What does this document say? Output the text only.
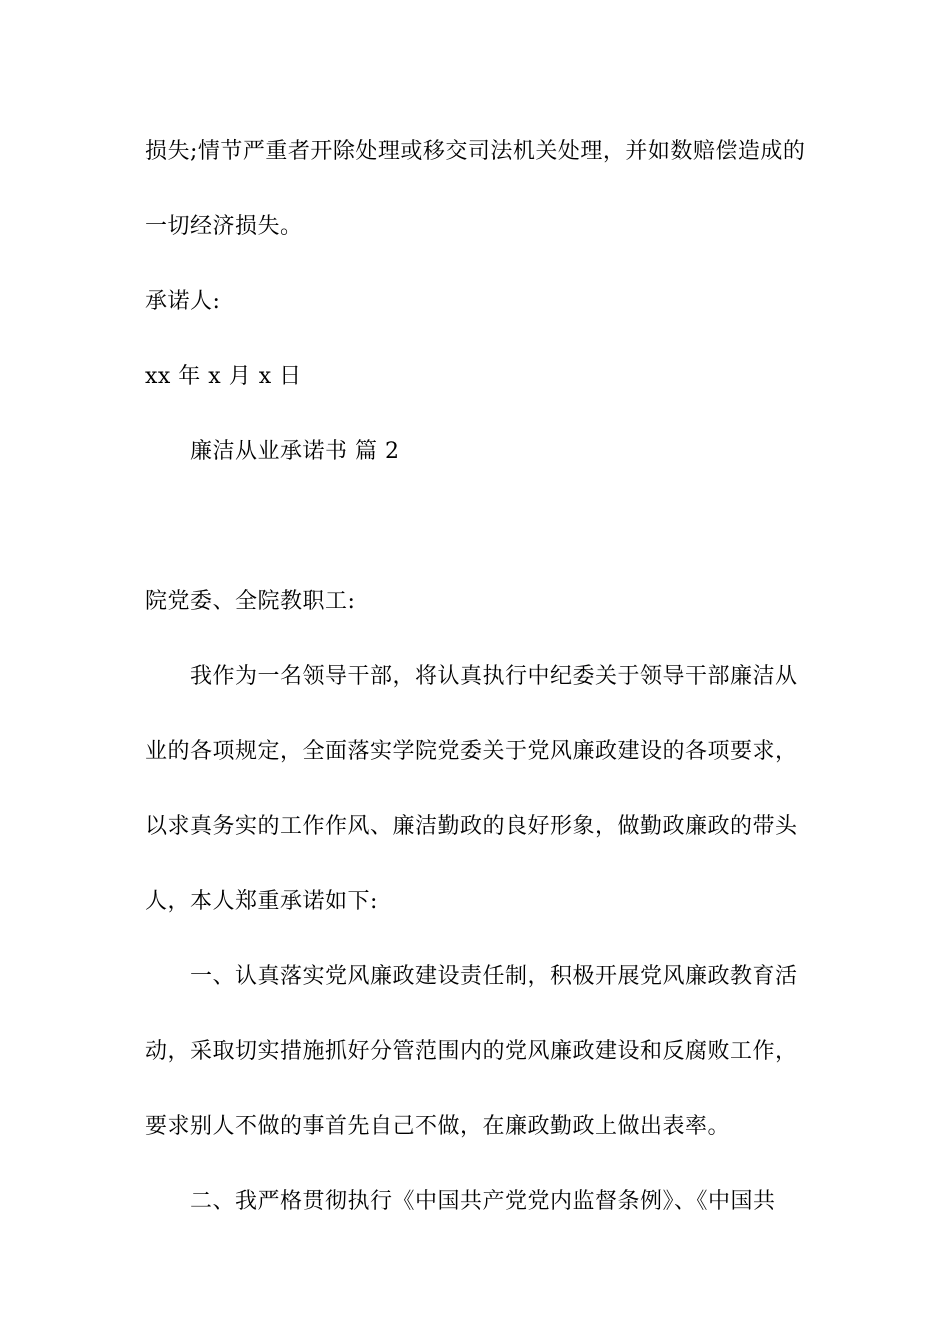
损失;情节严重者开除处理或移交司法机关处理，并如数赔偿造成的
一切经济损失。
承诺人:
xx 年 x 月 x 日
廉洁从业承诺书 篇 2
院党委、全院教职工:
我作为一名领导干部，将认真执行中纪委关于领导干部廉洁从
业的各项规定，全面落实学院党委关于党风廉政建设的各项要求，
以求真务实的工作作风、廉洁勤政的良好形象，做勤政廉政的带头
人，本人郑重承诺如下:
一、认真落实党风廉政建设责任制，积极开展党风廉政教育活
动，采取切实措施抓好分管范围内的党风廉政建设和反腐败工作，
要求别人不做的事首先自己不做，在廉政勤政上做出表率。
二、我严格贯彻执行《中国共产党党内监督条例》、《中国共
